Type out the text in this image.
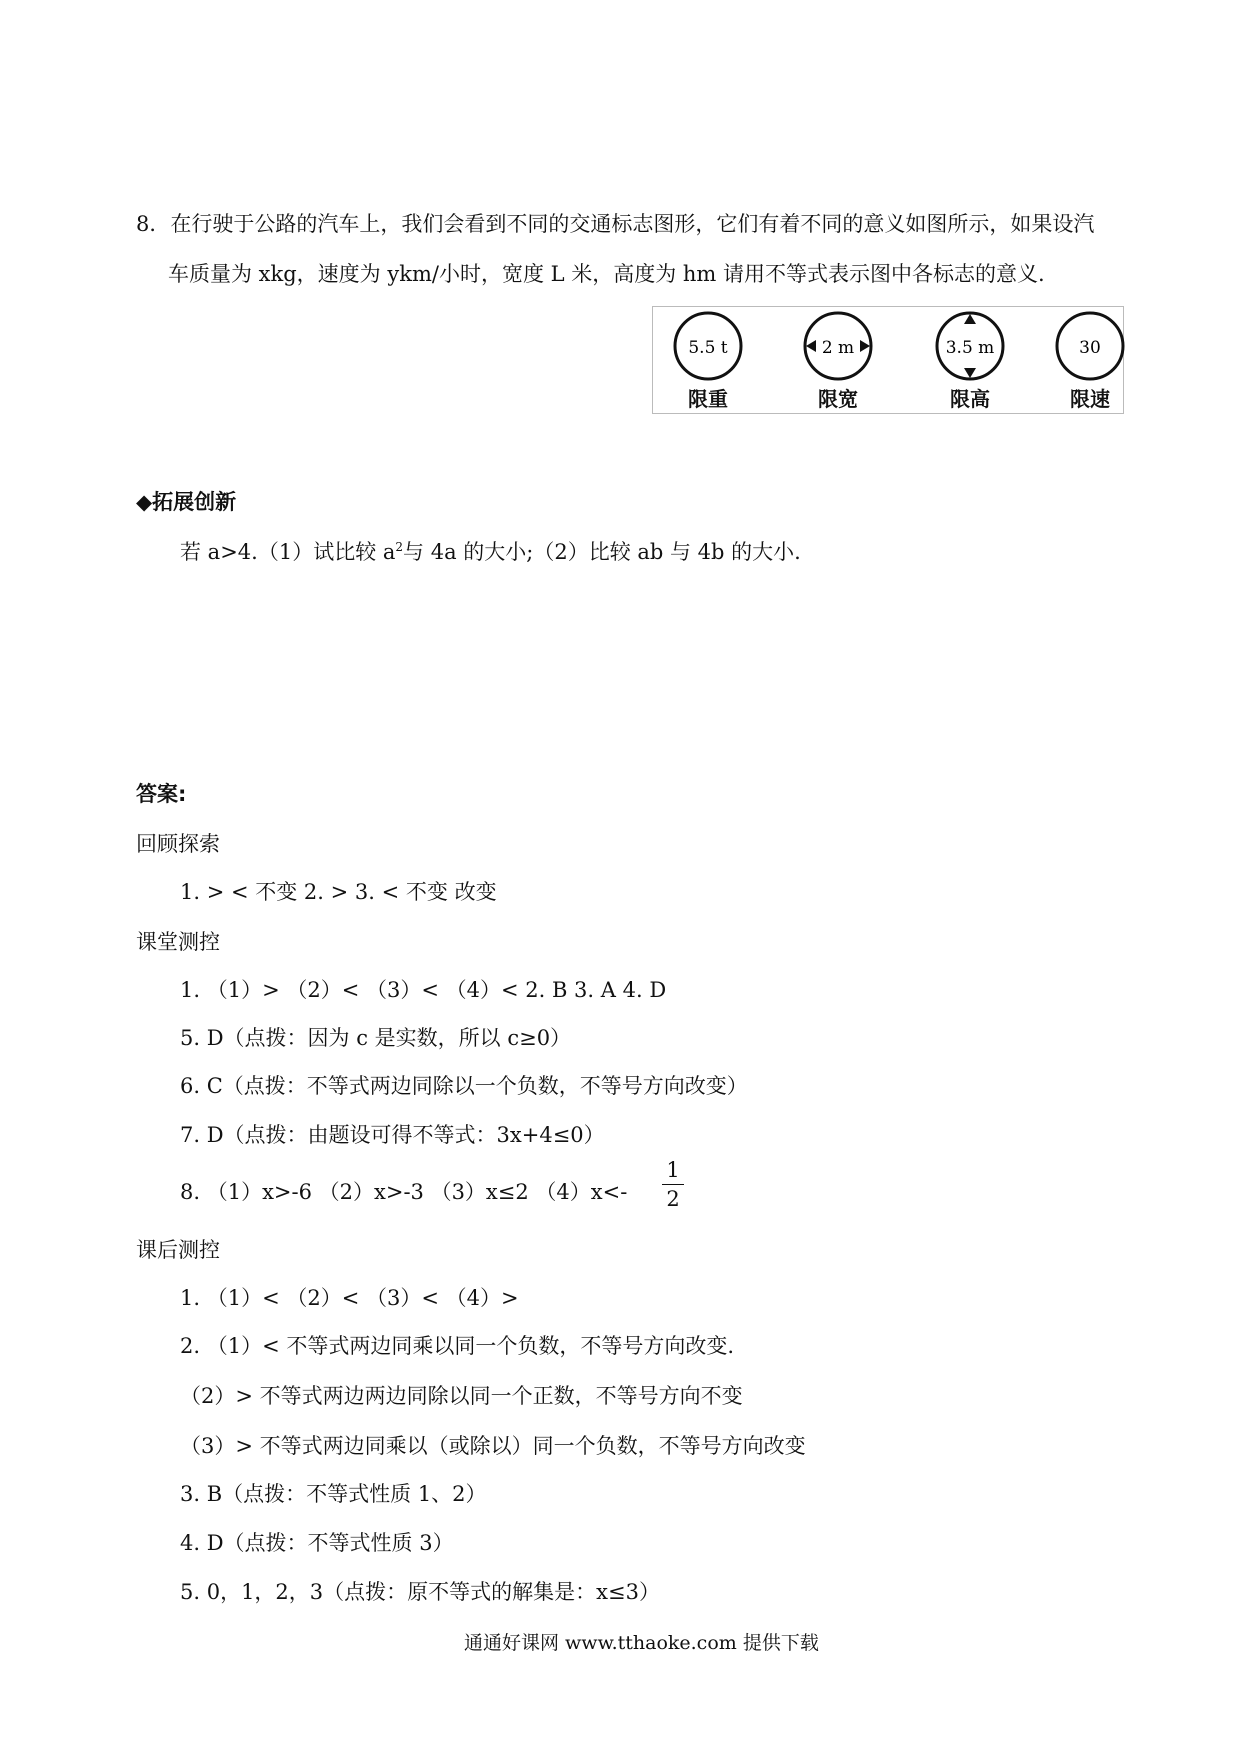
8．在行驶于公路的汽车上，我们会看到不同的交通标志图形，它们有着不同的意义如图所示，如果设汽
车质量为 xkg，速度为 ykm/小时，宽度 L 米，高度为 hm 请用不等式表示图中各标志的意义.
5.5 t
限重
2 m
限宽
3.5 m
限高
30
限速
◆拓展创新
若 a>4.（1）试比较 $a^2$与 4a 的大小;（2）比较 ab 与 4b 的大小.
答案:
回顾探索
1. > < 不变 2. > 3. < 不变 改变
课堂测控
1. （1）> （2）< （3）< （4）< 2. B 3. A 4. D
5. D（点拨：因为 c 是实数，所以 c≥0）
6. C（点拨：不等式两边同除以一个负数，不等号方向改变）
7. D（点拨：由题设可得不等式：3x+4≤0）
8. （1）x>-6 （2）x>-3 （3）x≤2 （4）x<-
1
2
课后测控
1. （1）< （2）< （3）< （4）>
2. （1）< 不等式两边同乘以同一个负数，不等号方向改变.
（2）> 不等式两边两边同除以同一个正数，不等号方向不变
（3）> 不等式两边同乘以（或除以）同一个负数，不等号方向改变
3. B（点拨：不等式性质 1、2）
4. D（点拨：不等式性质 3）
5. 0，1，2，3（点拨：原不等式的解集是：x≤3）
通通好课网 www.tthaoke.com 提供下载
